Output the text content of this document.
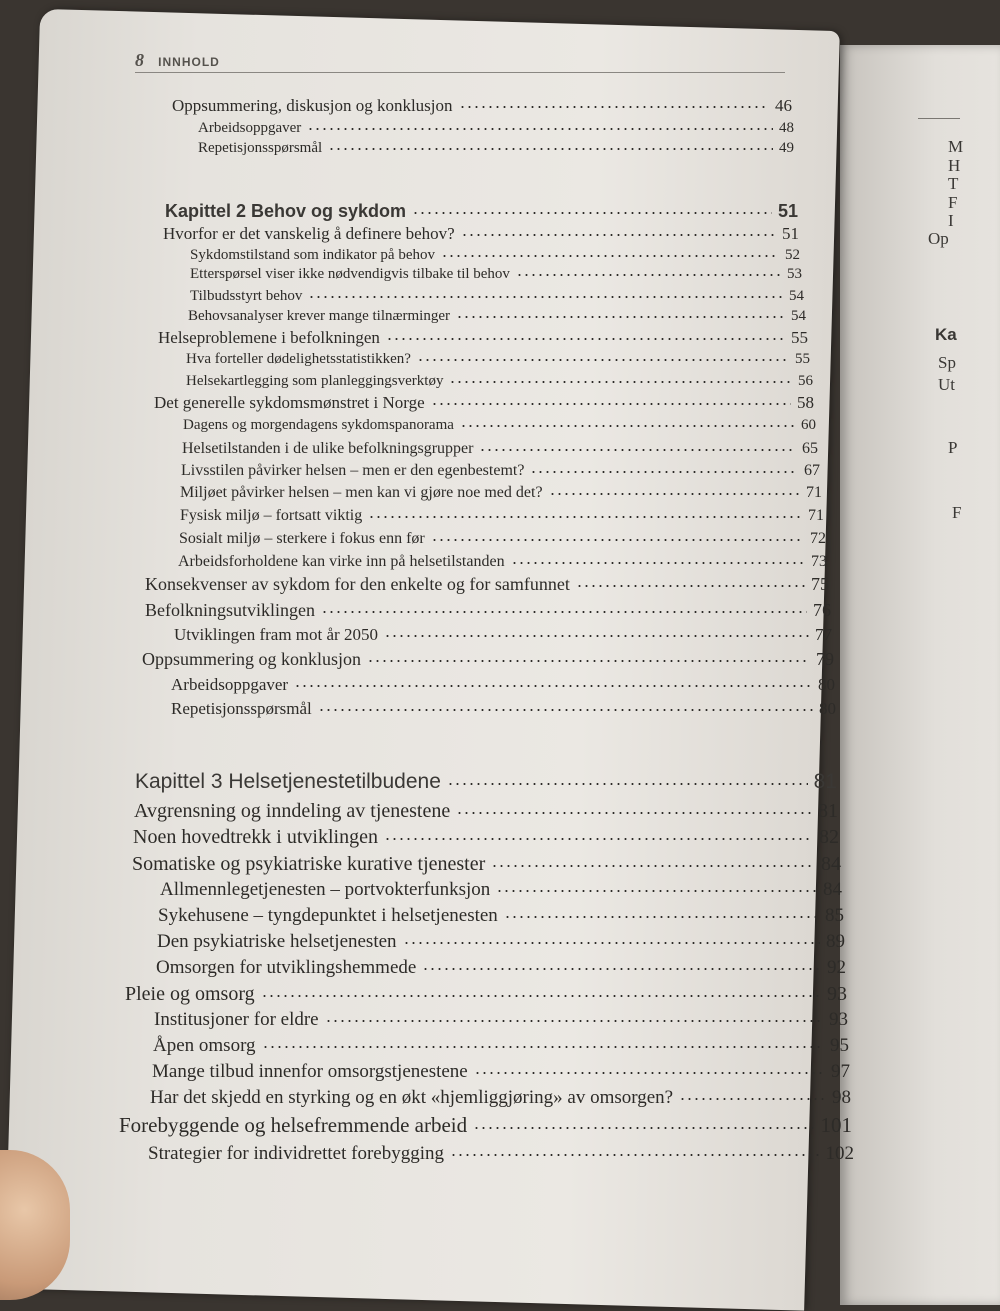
M
H
T
F
I
Op
Ka
Sp
Ut
P
F
8 INNHOLD
Oppsummering, diskusjon og konklusjon	46
Arbeidsoppgaver	48
Repetisjonsspørsmål	49
Kapittel 2 Behov og sykdom	51
Hvorfor er det vanskelig å definere behov?	51
Sykdomstilstand som indikator på behov	52
Etterspørsel viser ikke nødvendigvis tilbake til behov	53
Tilbudsstyrt behov	54
Behovsanalyser krever mange tilnærminger	54
Helseproblemene i befolkningen	55
Hva forteller dødelighetsstatistikken?	55
Helsekartlegging som planleggingsverktøy	56
Det generelle sykdomsmønstret i Norge	58
Dagens og morgendagens sykdomspanorama	60
Helsetilstanden i de ulike befolkningsgrupper	65
Livsstilen påvirker helsen – men er den egenbestemt?	67
Miljøet påvirker helsen – men kan vi gjøre noe med det?	71
Fysisk miljø – fortsatt viktig	71
Sosialt miljø – sterkere i fokus enn før	72
Arbeidsforholdene kan virke inn på helsetilstanden	73
Konsekvenser av sykdom for den enkelte og for samfunnet	75
Befolkningsutviklingen	76
Utviklingen fram mot år 2050	77
Oppsummering og konklusjon	79
Arbeidsoppgaver	80
Repetisjonsspørsmål	80
Kapittel 3 Helsetjenestetilbudene	81
Avgrensning og inndeling av tjenestene	81
Noen hovedtrekk i utviklingen	82
Somatiske og psykiatriske kurative tjenester	84
Allmennlegetjenesten – portvokterfunksjon	84
Sykehusene – tyngdepunktet i helsetjenesten	85
Den psykiatriske helsetjenesten	89
Omsorgen for utviklingshemmede	92
Pleie og omsorg	93
Institusjoner for eldre	93
Åpen omsorg	95
Mange tilbud innenfor omsorgstjenestene	97
Har det skjedd en styrking og en økt «hjemliggjøring» av omsorgen?	98
Forebyggende og helsefremmende arbeid	101
Strategier for individrettet forebygging	102
